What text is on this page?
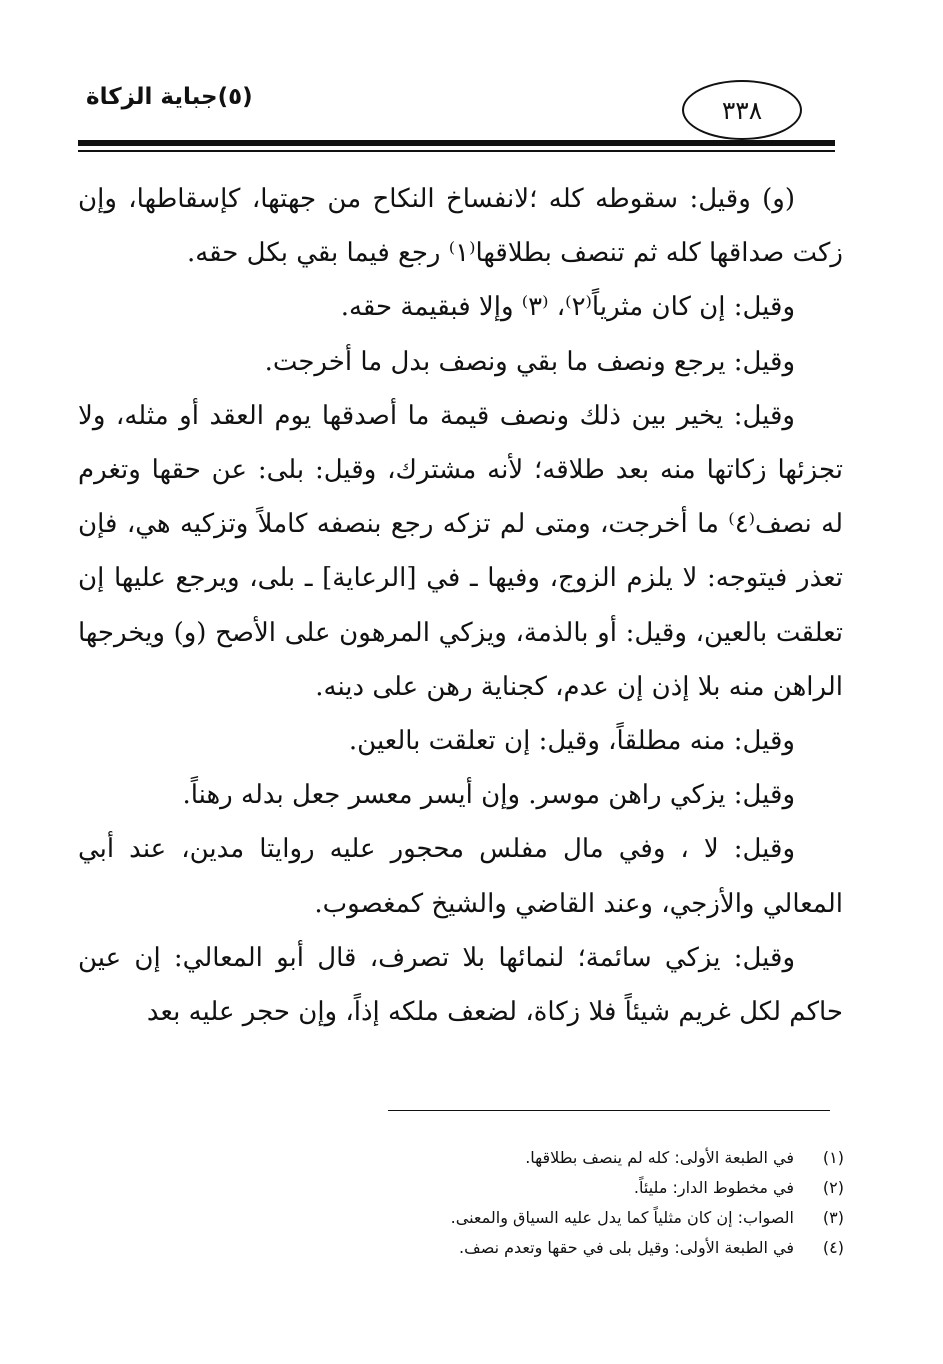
(٥)جباية الزكاة	٣٣٨

(و) وقيل: سقوطه كله ؛لانفساخ النكاح من جهتها، كإسقاطها، وإن زكت صداقها كله ثم تنصف بطلاقها⁽١⁾ رجع فيما بقي بكل حقه.

وقيل: إن كان مثرياً⁽٢⁾، ⁽٣⁾ وإلا فبقيمة حقه.

وقيل: يرجع ونصف ما بقي ونصف بدل ما أخرجت.

وقيل: يخير بين ذلك ونصف قيمة ما أصدقها يوم العقد أو مثله، ولا تجزئها زكاتها منه بعد طلاقه؛ لأنه مشترك، وقيل: بلى: عن حقها وتغرم له نصف⁽٤⁾ ما أخرجت، ومتى لم تزكه رجع بنصفه كاملاً وتزكيه هي، فإن تعذر فيتوجه: لا يلزم الزوج، وفيها ـ في [الرعاية] ـ بلى، ويرجع عليها إن تعلقت بالعين، وقيل: أو بالذمة، ويزكي المرهون على الأصح (و) ويخرجها الراهن منه بلا إذن إن عدم، كجناية رهن على دينه.

وقيل: منه مطلقاً، وقيل: إن تعلقت بالعين.

وقيل: يزكي راهن موسر. وإن أيسر معسر جعل بدله رهناً.

وقيل: لا ، وفي مال مفلس محجور عليه روايتا مدين، عند أبي المعالي والأزجي، وعند القاضي والشيخ كمغصوب.

وقيل: يزكي سائمة؛ لنمائها بلا تصرف، قال أبو المعالي: إن عين حاكم لكل غريم شيئاً فلا زكاة، لضعف ملكه إذاً، وإن حجر عليه بعد

(١)في الطبعة الأولى: كله لم ينصف بطلاقها.
(٢)في مخطوط الدار: مليئاً.
(٣)الصواب: إن كان مثلياً كما يدل عليه السياق والمعنى.
(٤)في الطبعة الأولى: وقيل بلى في حقها وتعدم نصف.
